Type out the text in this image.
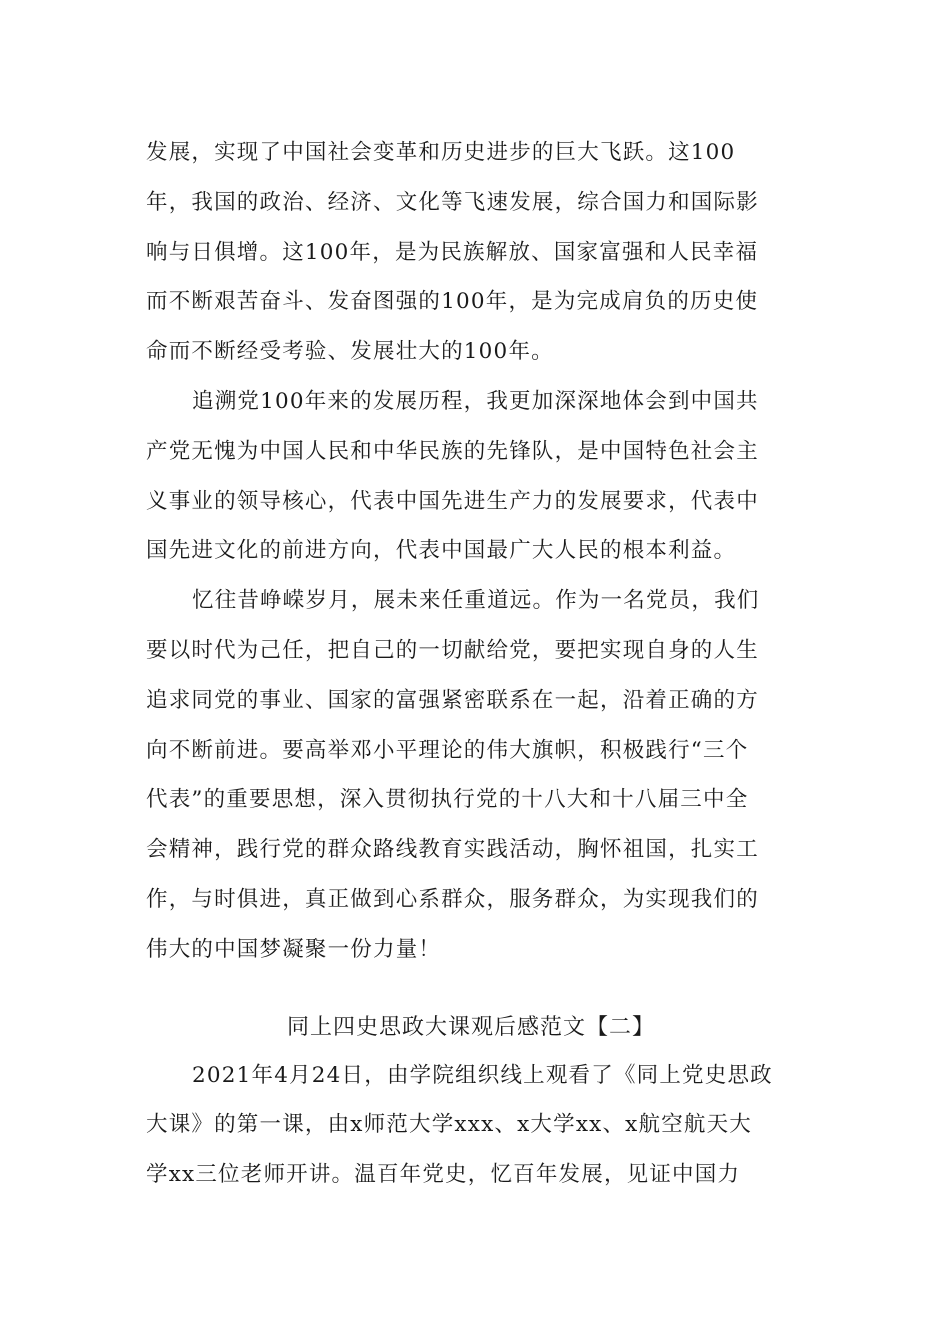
发展，实现了中国社会变革和历史进步的巨大飞跃。这100
年，我国的政治、经济、文化等飞速发展，综合国力和国际影
响与日俱增。这100年，是为民族解放、国家富强和人民幸福
而不断艰苦奋斗、发奋图强的100年，是为完成肩负的历史使
命而不断经受考验、发展壮大的100年。

追溯党100年来的发展历程，我更加深深地体会到中国共
产党无愧为中国人民和中华民族的先锋队，是中国特色社会主
义事业的领导核心，代表中国先进生产力的发展要求，代表中
国先进文化的前进方向，代表中国最广大人民的根本利益。

忆往昔峥嵘岁月，展未来任重道远。作为一名党员，我们
要以时代为己任，把自己的一切献给党，要把实现自身的人生
追求同党的事业、国家的富强紧密联系在一起，沿着正确的方
向不断前进。要高举邓小平理论的伟大旗帜，积极践行“三个
代表”的重要思想，深入贯彻执行党的十八大和十八届三中全
会精神，践行党的群众路线教育实践活动，胸怀祖国，扎实工
作，与时俱进，真正做到心系群众，服务群众，为实现我们的
伟大的中国梦凝聚一份力量！

同上四史思政大课观后感范文【二】

2021年4月24日，由学院组织线上观看了《同上党史思政
大课》的第一课，由x师范大学xxx、x大学xx、x航空航天大
学xx三位老师开讲。温百年党史，忆百年发展，见证中国力
